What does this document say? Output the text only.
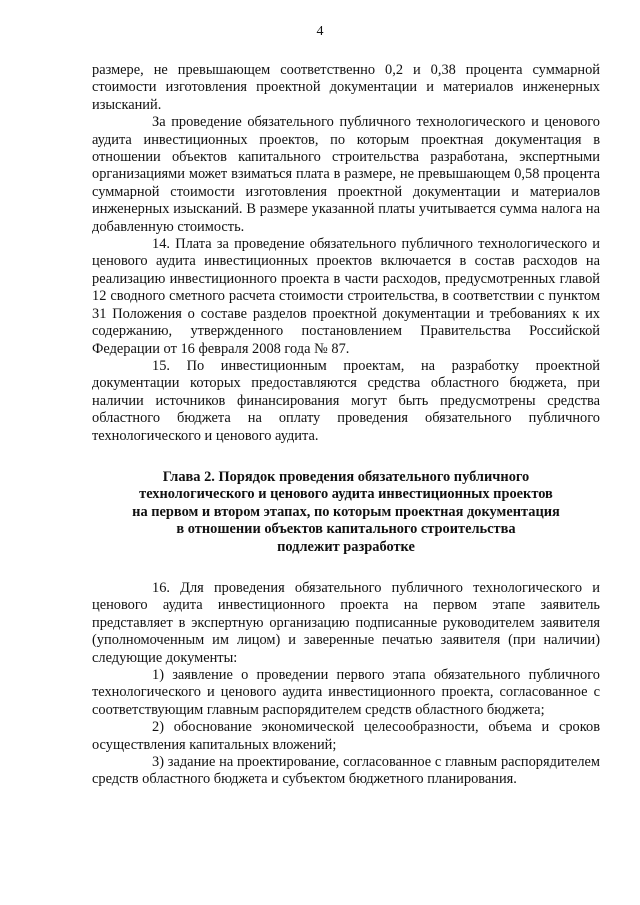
4

размере, не превышающем соответственно 0,2 и 0,38 процента суммарной стоимости изготовления проектной документации и материалов инженерных изысканий.

За проведение обязательного публичного технологического и ценового аудита инвестиционных проектов, по которым проектная документация в отношении объектов капитального строительства разработана, экспертными организациями может взиматься плата в размере, не превышающем 0,58 процента суммарной стоимости изготовления проектной документации и материалов инженерных изысканий. В размере указанной платы учитывается сумма налога на добавленную стоимость.

14. Плата за проведение обязательного публичного технологического и ценового аудита инвестиционных проектов включается в состав расходов на реализацию инвестиционного проекта в части расходов, предусмотренных главой 12 сводного сметного расчета стоимости строительства, в соответствии с пунктом 31 Положения о составе разделов проектной документации и требованиях к их содержанию, утвержденного постановлением Правительства Российской Федерации от 16 февраля 2008 года № 87.

15. По инвестиционным проектам, на разработку проектной документации которых предоставляются средства областного бюджета, при наличии источников финансирования могут быть предусмотрены средства областного бюджета на оплату проведения обязательного публичного технологического и ценового аудита.

Глава 2. Порядок проведения обязательного публичного
технологического и ценового аудита инвестиционных проектов
на первом и втором этапах, по которым проектная документация
в отношении объектов капитального строительства
подлежит разработке

16. Для проведения обязательного публичного технологического и ценового аудита инвестиционного проекта на первом этапе заявитель представляет в экспертную организацию подписанные руководителем заявителя (уполномоченным им лицом) и заверенные печатью заявителя (при наличии) следующие документы:

1) заявление о проведении первого этапа обязательного публичного технологического и ценового аудита инвестиционного проекта, согласованное с соответствующим главным распорядителем средств областного бюджета;

2) обоснование экономической целесообразности, объема и сроков осуществления капитальных вложений;

3) задание на проектирование, согласованное с главным распорядителем средств областного бюджета и субъектом бюджетного планирования.
